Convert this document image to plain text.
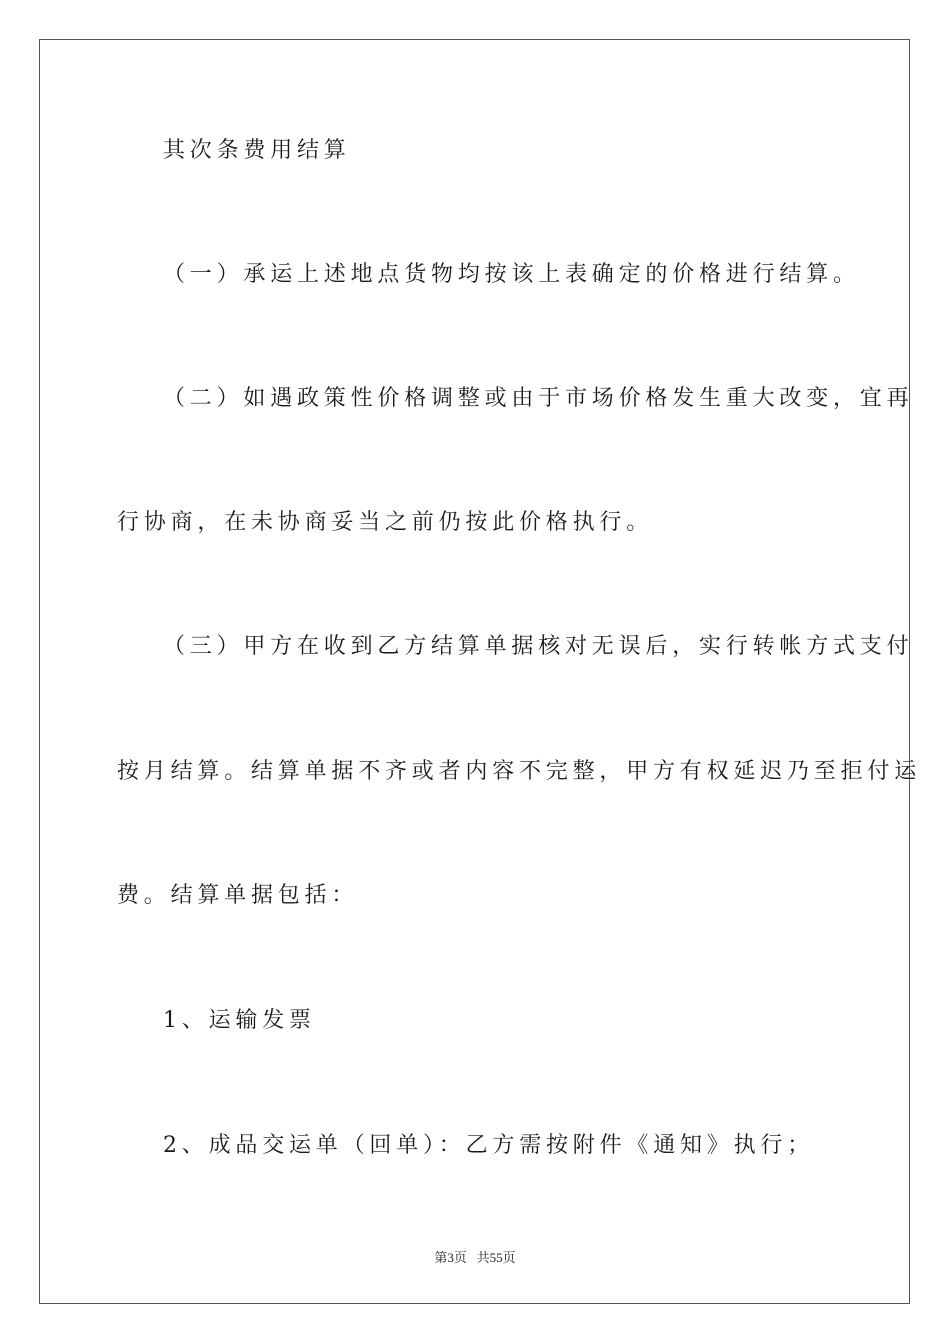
其次条费用结算
（一）承运上述地点货物均按该上表确定的价格进行结算。
（二）如遇政策性价格调整或由于市场价格发生重大改变，宜再
行协商，在未协商妥当之前仍按此价格执行。
（三）甲方在收到乙方结算单据核对无误后，实行转帐方式支付
按月结算。结算单据不齐或者内容不完整，甲方有权延迟乃至拒付运
费。结算单据包括：
1、运输发票
2、成品交运单（回单）：乙方需按附件《通知》执行；
第3页 共55页
